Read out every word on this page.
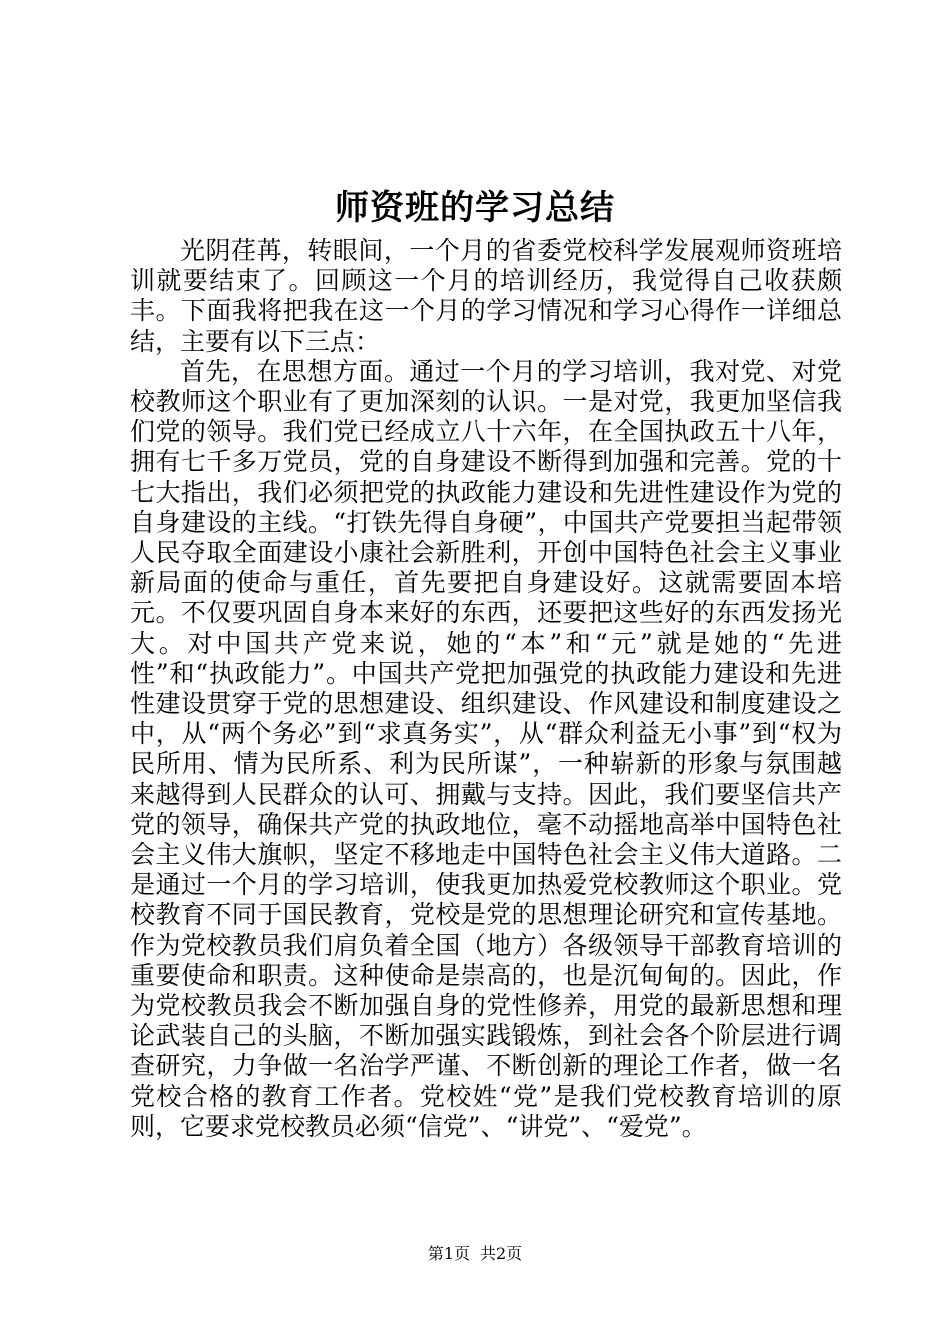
师资班的学习总结

光阴荏苒，转眼间，一个月的省委党校科学发展观师资班培训就要结束了。回顾这一个月的培训经历，我觉得自己收获颇丰。下面我将把我在这一个月的学习情况和学习心得作一详细总结，主要有以下三点：

首先，在思想方面。通过一个月的学习培训，我对党、对党校教师这个职业有了更加深刻的认识。一是对党，我更加坚信我们党的领导。我们党已经成立八十六年，在全国执政五十八年，拥有七千多万党员，党的自身建设不断得到加强和完善。党的十七大指出，我们必须把党的执政能力建设和先进性建设作为党的自身建设的主线。“打铁先得自身硬”，中国共产党要担当起带领人民夺取全面建设小康社会新胜利，开创中国特色社会主义事业新局面的使命与重任，首先要把自身建设好。这就需要固本培元。不仅要巩固自身本来好的东西，还要把这些好的东西发扬光大。对中国共产党来说，她的“本”和“元”就是她的“先进性”和“执政能力”。中国共产党把加强党的执政能力建设和先进性建设贯穿于党的思想建设、组织建设、作风建设和制度建设之中，从“两个务必”到“求真务实”，从“群众利益无小事”到“权为民所用、情为民所系、利为民所谋”，一种崭新的形象与氛围越来越得到人民群众的认可、拥戴与支持。因此，我们要坚信共产党的领导，确保共产党的执政地位，毫不动摇地高举中国特色社会主义伟大旗帜，坚定不移地走中国特色社会主义伟大道路。二是通过一个月的学习培训，使我更加热爱党校教师这个职业。党校教育不同于国民教育，党校是党的思想理论研究和宣传基地。作为党校教员我们肩负着全国（地方）各级领导干部教育培训的重要使命和职责。这种使命是崇高的，也是沉甸甸的。因此，作为党校教员我会不断加强自身的党性修养，用党的最新思想和理论武装自己的头脑，不断加强实践锻炼，到社会各个阶层进行调查研究，力争做一名治学严谨、不断创新的理论工作者，做一名党校合格的教育工作者。党校姓“党”是我们党校教育培训的原则，它要求党校教员必须“信党”、“讲党”、“爱党”。

第1页 共2页
